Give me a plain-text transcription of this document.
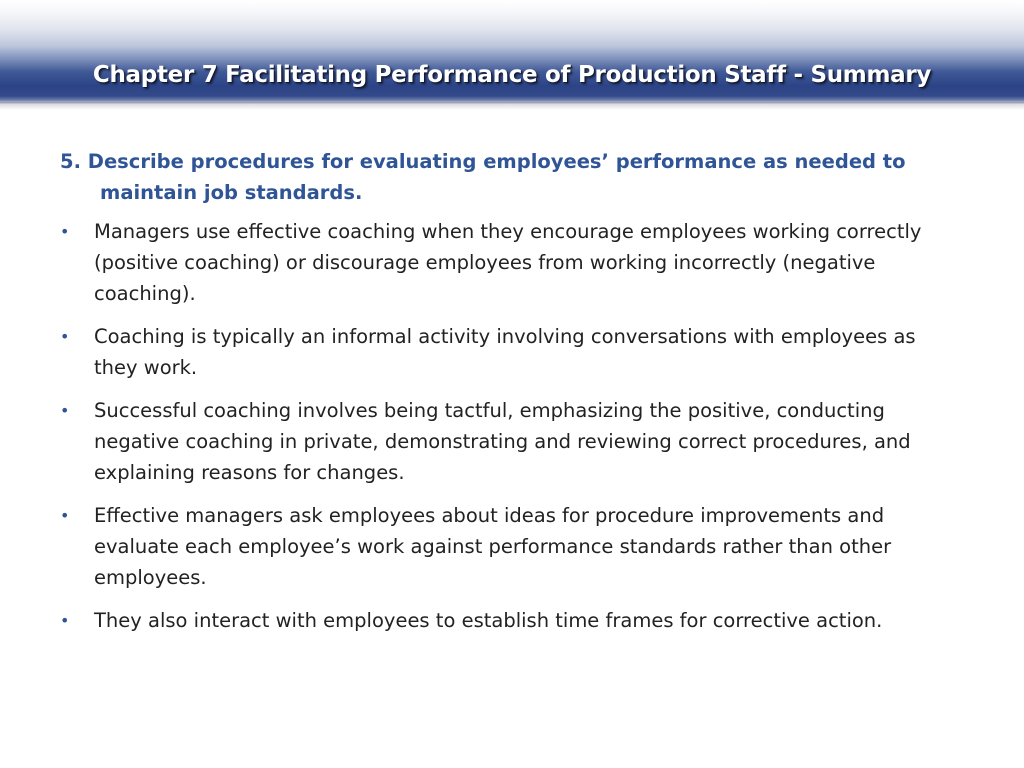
Chapter 7 Facilitating Performance of Production Staff - Summary

5. Describe procedures for evaluating employees’ performance as needed to maintain job standards.

•	Managers use effective coaching when they encourage employees working correctly (positive coaching) or discourage employees from working incorrectly (negative coaching).
•	Coaching is typically an informal activity involving conversations with employees as they work.
•	Successful coaching involves being tactful, emphasizing the positive, conducting negative coaching in private, demonstrating and reviewing correct procedures, and explaining reasons for changes.
•	Effective managers ask employees about ideas for procedure improvements and evaluate each employee’s work against performance standards rather than other employees.
•	They also interact with employees to establish time frames for corrective action.
